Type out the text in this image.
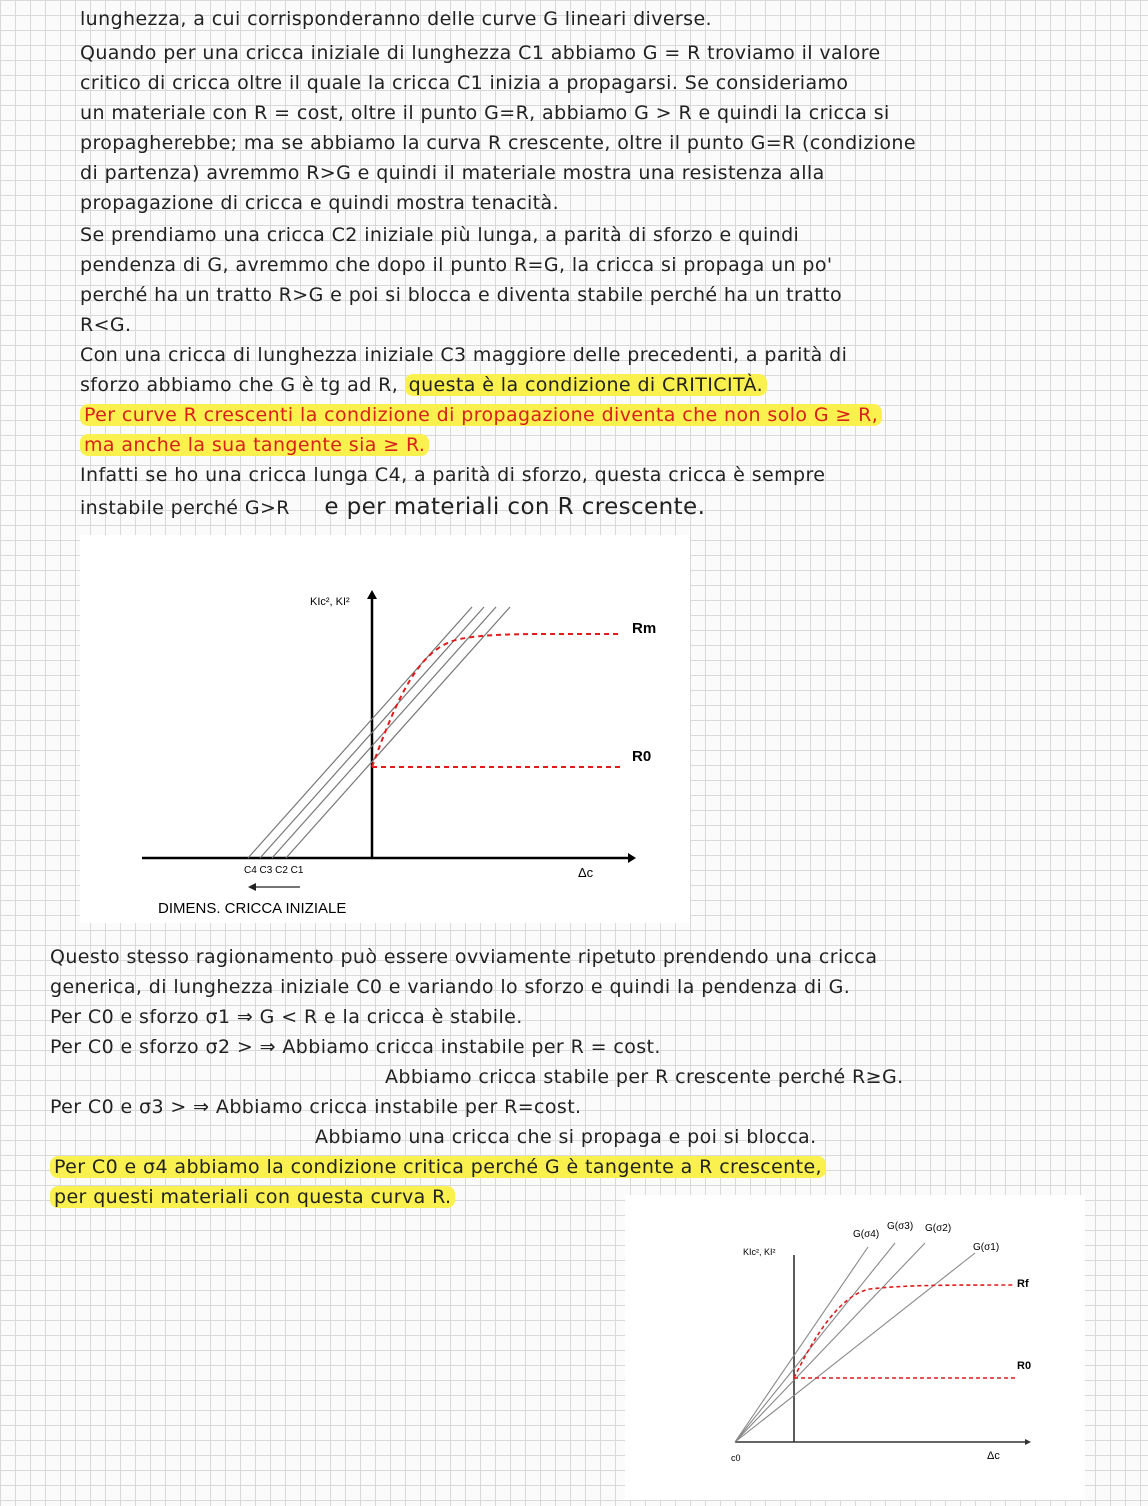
lunghezza, a cui corrisponderanno delle curve G lineari diverse.
Quando per una cricca iniziale di lunghezza C1 abbiamo G = R troviamo il valore
critico di cricca oltre il quale la cricca C1 inizia a propagarsi. Se consideriamo
un materiale con R = cost, oltre il punto G=R, abbiamo G > R e quindi la cricca si
propagherebbe; ma se abbiamo la curva R crescente, oltre il punto G=R (condizione
di partenza) avremmo R>G e quindi il materiale mostra una resistenza alla
propagazione di cricca e quindi mostra tenacità.
Se prendiamo una cricca C2 iniziale più lunga, a parità di sforzo e quindi
pendenza di G, avremmo che dopo il punto R=G, la cricca si propaga un po'
perché ha un tratto R>G e poi si blocca e diventa stabile perché ha un tratto
R<G.
Con una cricca di lunghezza iniziale C3 maggiore delle precedenti, a parità di
sforzo abbiamo che G è tg ad R, questa è la condizione di CRITICITÀ.
Per curve R crescenti la condizione di propagazione diventa che non solo G ≥ R,
ma anche la sua tangente sia ≥ R.
Infatti se ho una cricca lunga C4, a parità di sforzo, questa cricca è sempre
instabile perché G>R e per materiali con R crescente.
KIc², KI²
Rm
R0
Δc
C4 C3 C2 C1
DIMENS. CRICCA INIZIALE
Questo stesso ragionamento può essere ovviamente ripetuto prendendo una cricca
generica, di lunghezza iniziale C0 e variando lo sforzo e quindi la pendenza di G.
Per C0 e sforzo σ1 ⇒ G < R e la cricca è stabile.
Per C0 e sforzo σ2 > ⇒ Abbiamo cricca instabile per R = cost.
Abbiamo cricca stabile per R crescente perché R≥G.
Per C0 e σ3 > ⇒ Abbiamo cricca instabile per R=cost.
Abbiamo una cricca che si propaga e poi si blocca.
Per C0 e σ4 abbiamo la condizione critica perché G è tangente a R crescente,
per questi materiali con questa curva R.
KIc², KI²
G(σ4)
G(σ3) G(σ2)
G(σ1)
Rf
R0
c0	Δc
